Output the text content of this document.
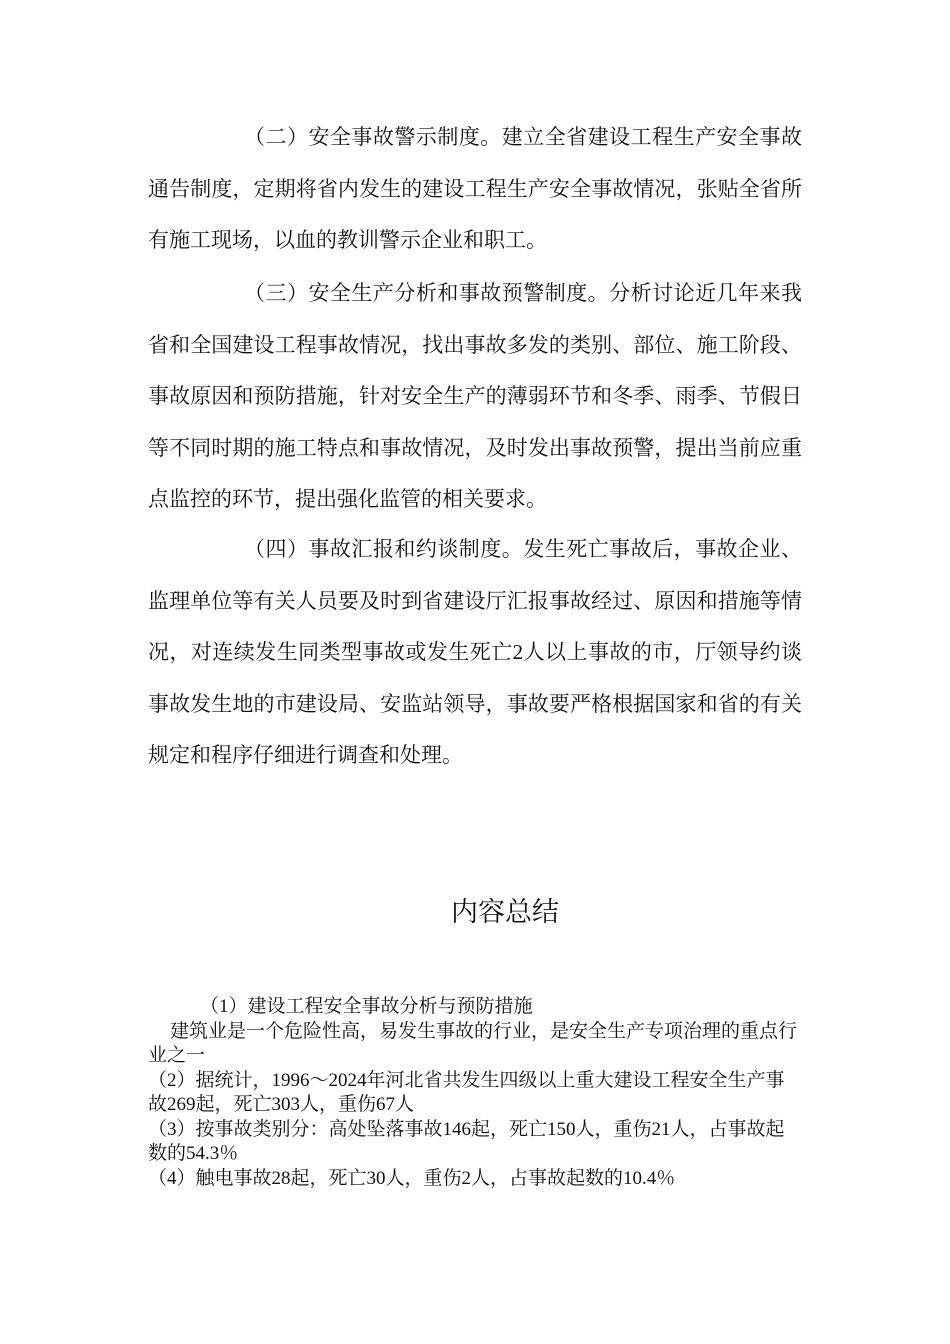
（二）安全事故警示制度。建立全省建设工程生产安全事故通告制度，定期将省内发生的建设工程生产安全事故情况，张贴全省所有施工现场，以血的教训警示企业和职工。

（三）安全生产分析和事故预警制度。分析讨论近几年来我省和全国建设工程事故情况，找出事故多发的类别、部位、施工阶段、事故原因和预防措施，针对安全生产的薄弱环节和冬季、雨季、节假日等不同时期的施工特点和事故情况，及时发出事故预警，提出当前应重点监控的环节，提出强化监管的相关要求。

（四）事故汇报和约谈制度。发生死亡事故后，事故企业、监理单位等有关人员要及时到省建设厅汇报事故经过、原因和措施等情况，对连续发生同类型事故或发生死亡2人以上事故的市，厅领导约谈事故发生地的市建设局、安监站领导，事故要严格根据国家和省的有关规定和程序仔细进行调查和处理。

内容总结

（1）建设工程安全事故分析与预防措施

建筑业是一个危险性高，易发生事故的行业，是安全生产专项治理的重点行业之一

（2）据统计，1996～2024年河北省共发生四级以上重大建设工程安全生产事故269起，死亡303人，重伤67人

（3）按事故类别分：高处坠落事故146起，死亡150人，重伤21人，占事故起数的54.3％

（4）触电事故28起，死亡30人，重伤2人，占事故起数的10.4％
